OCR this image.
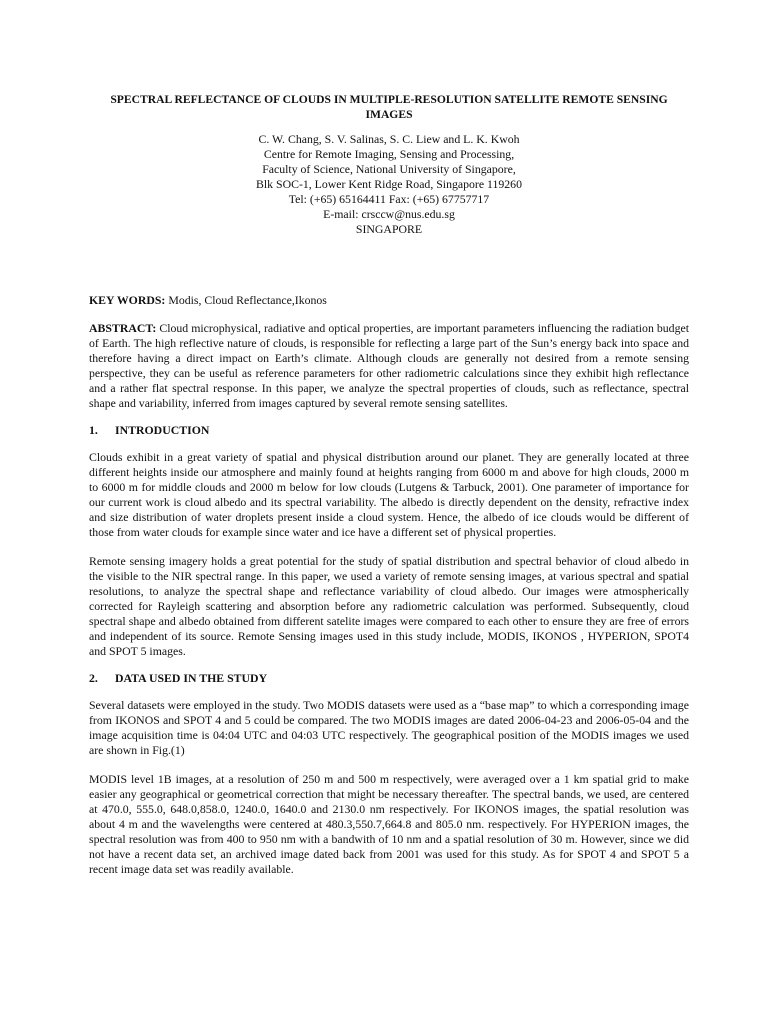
SPECTRAL REFLECTANCE OF CLOUDS IN MULTIPLE-RESOLUTION SATELLITE REMOTE SENSING IMAGES
C. W. Chang, S. V. Salinas, S. C. Liew and L. K. Kwoh
Centre for Remote Imaging, Sensing and Processing,
Faculty of Science, National University of Singapore,
Blk SOC-1, Lower Kent Ridge Road, Singapore 119260
Tel: (+65) 65164411 Fax: (+65) 67757717
E-mail: crsccw@nus.edu.sg
SINGAPORE
KEY WORDS: Modis, Cloud Reflectance,Ikonos

ABSTRACT: Cloud microphysical, radiative and optical properties, are important parameters influencing the radiation budget of Earth. The high reflective nature of clouds, is responsible for reflecting a large part of the Sun’s energy back into space and therefore having a direct impact on Earth’s climate. Although clouds are generally not desired from a remote sensing perspective, they can be useful as reference parameters for other radiometric calculations since they exhibit high reflectance and a rather flat spectral response. In this paper, we analyze the spectral properties of clouds, such as reflectance, spectral shape and variability, inferred from images captured by several remote sensing satellites.

1. INTRODUCTION

Clouds exhibit in a great variety of spatial and physical distribution around our planet. They are generally located at three different heights inside our atmosphere and mainly found at heights ranging from 6000 m and above for high clouds, 2000 m to 6000 m for middle clouds and 2000 m below for low clouds (Lutgens & Tarbuck, 2001). One parameter of importance for our current work is cloud albedo and its spectral variability. The albedo is directly dependent on the density, refractive index and size distribution of water droplets present inside a cloud system. Hence, the albedo of ice clouds would be different of those from water clouds for example since water and ice have a different set of physical properties.

Remote sensing imagery holds a great potential for the study of spatial distribution and spectral behavior of cloud albedo in the visible to the NIR spectral range. In this paper, we used a variety of remote sensing images, at various spectral and spatial resolutions, to analyze the spectral shape and reflectance variability of cloud albedo. Our images were atmospherically corrected for Rayleigh scattering and absorption before any radiometric calculation was performed. Subsequently, cloud spectral shape and albedo obtained from different satelite images were compared to each other to ensure they are free of errors and independent of its source. Remote Sensing images used in this study include, MODIS, IKONOS , HYPERION, SPOT4 and SPOT 5 images.

2. DATA USED IN THE STUDY

Several datasets were employed in the study. Two MODIS datasets were used as a “base map” to which a corresponding image from IKONOS and SPOT 4 and 5 could be compared. The two MODIS images are dated 2006-04-23 and 2006-05-04 and the image acquisition time is 04:04 UTC and 04:03 UTC respectively. The geographical position of the MODIS images we used are shown in Fig.(1)

MODIS level 1B images, at a resolution of 250 m and 500 m respectively, were averaged over a 1 km spatial grid to make easier any geographical or geometrical correction that might be necessary thereafter. The spectral bands, we used, are centered at 470.0, 555.0, 648.0,858.0, 1240.0, 1640.0 and 2130.0 nm respectively. For IKONOS images, the spatial resolution was about 4 m and the wavelengths were centered at 480.3,550.7,664.8 and 805.0 nm. respectively. For HYPERION images, the spectral resolution was from 400 to 950 nm with a bandwith of 10 nm and a spatial resolution of 30 m. However, since we did not have a recent data set, an archived image dated back from 2001 was used for this study. As for SPOT 4 and SPOT 5 a recent image data set was readily available.
